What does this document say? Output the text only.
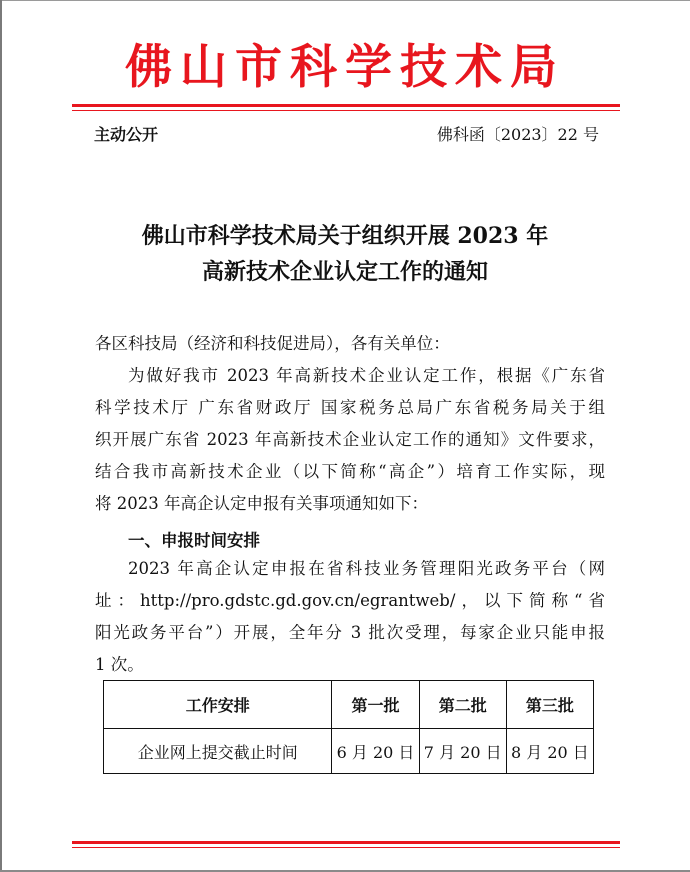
佛山市科学技术局
主动公开	佛科函〔2023〕22 号
佛山市科学技术局关于组织开展 2023 年
高新技术企业认定工作的通知
各区科技局（经济和科技促进局），各有关单位：
为做好我市 2023 年高新技术企业认定工作，根据《广东省
科学技术厅 广东省财政厅 国家税务总局广东省税务局关于组
织开展广东省 2023 年高新技术企业认定工作的通知》文件要求，
结合我市高新技术企业（以下简称“高企”）培育工作实际，现
将 2023 年高企认定申报有关事项通知如下：
一、申报时间安排
2023 年高企认定申报在省科技业务管理阳光政务平台（网
址：http://pro.gdstc.gd.gov.cn/egrantweb/，以下简称“省
阳光政务平台”）开展，全年分 3 批次受理，每家企业只能申报
1 次。
工作安排	第一批	第二批	第三批
企业网上提交截止时间	6 月 20 日	7 月 20 日	8 月 20 日
